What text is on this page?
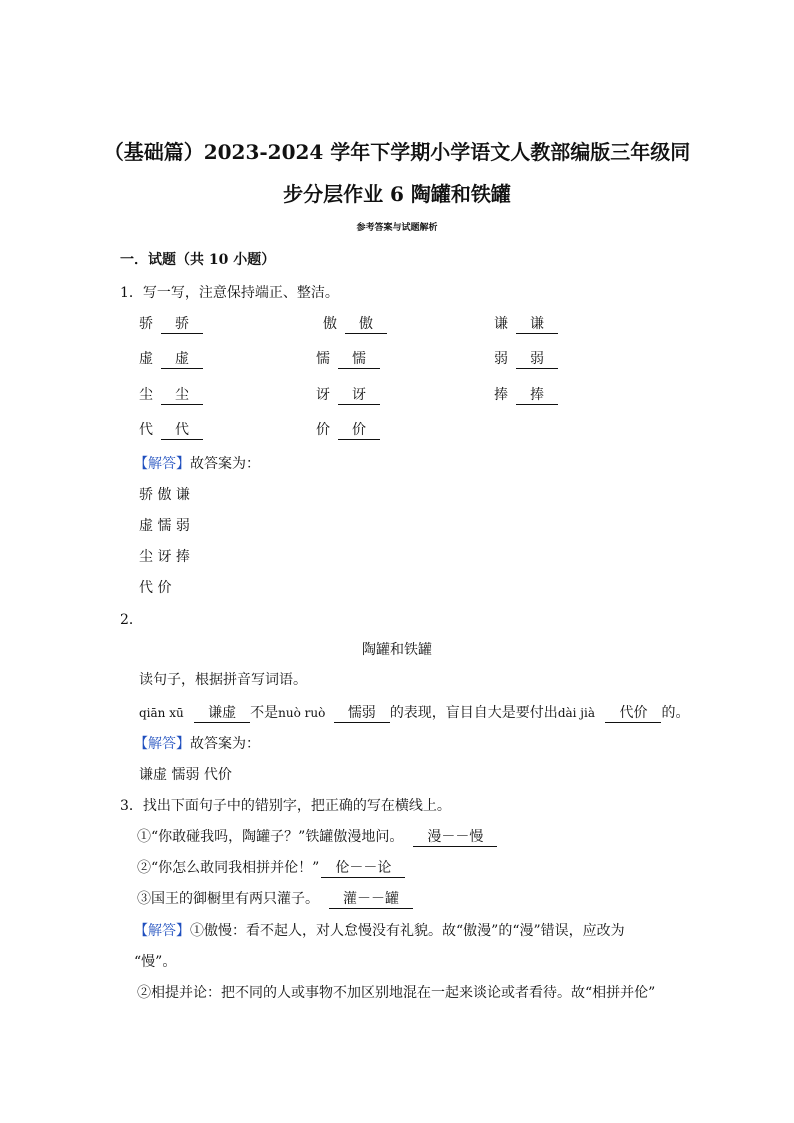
（基础篇）2023-2024 学年下学期小学语文人教部编版三年级同
步分层作业 6 陶罐和铁罐
参考答案与试题解析
一．试题（共 10 小题）
1．写一写，注意保持端正、整洁。
骄 骄	傲 傲	谦 谦
虚 虚	懦 懦	弱 弱
尘 尘	讶 讶	捧 捧
代 代	价 价
【解答】故答案为：
骄 傲 谦
虚 懦 弱
尘 讶 捧
代 价
2．
陶罐和铁罐
读句子，根据拼音写词语。
qiān xū 谦虚 不是nuò ruò 懦弱 的表现，盲目自大是要付出dài jià 代价 的。
【解答】故答案为：
谦虚 懦弱 代价
3．找出下面句子中的错别字，把正确的写在横线上。
①“你敢碰我吗，陶罐子？”铁罐傲漫地问。 漫－－慢
②“你怎么敢同我相拼并伦！” 伦－－论
③国王的御橱里有两只灌子。 灌－－罐
【解答】①傲慢：看不起人，对人怠慢没有礼貌。故“傲漫”的“漫”错误，应改为
“慢”。
②相提并论：把不同的人或事物不加区别地混在一起来谈论或者看待。故“相拼并伦”
